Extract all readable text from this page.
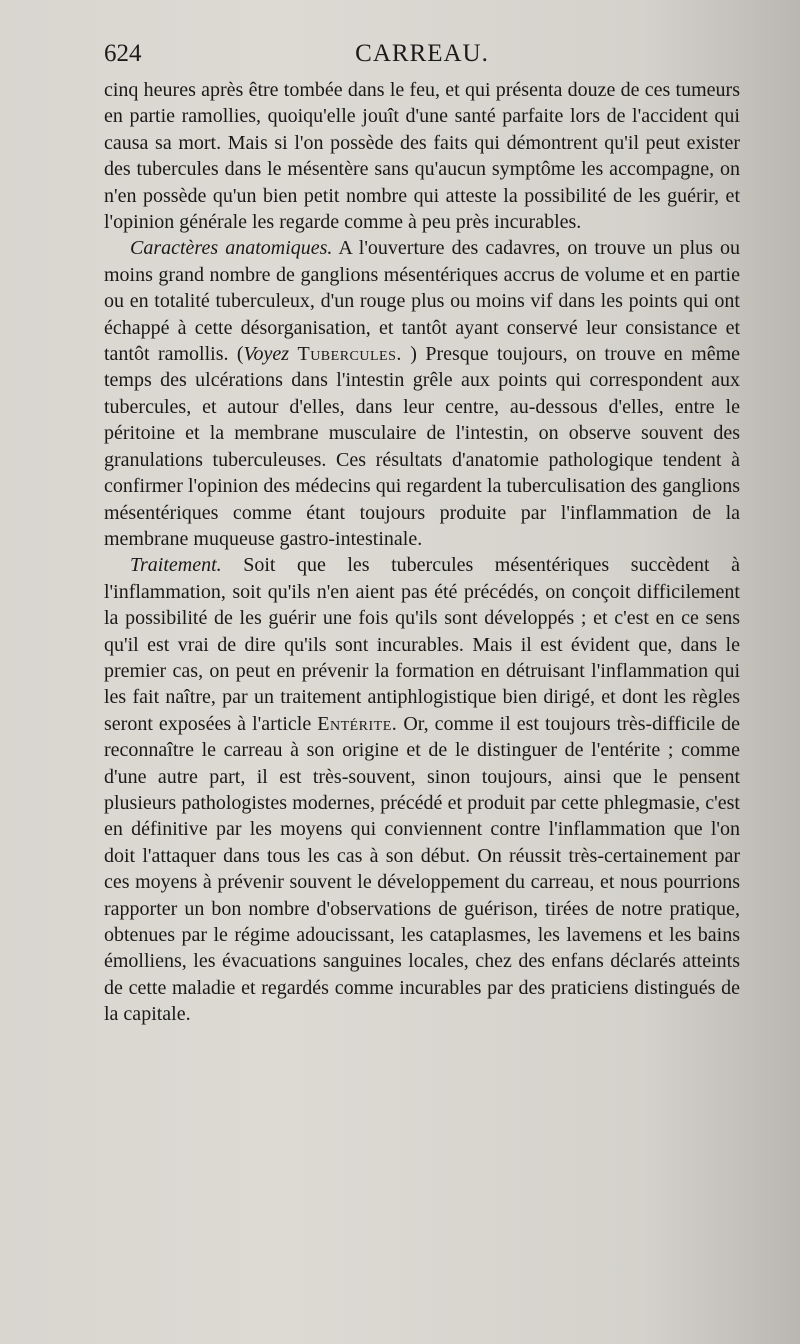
624	CARREAU.

cinq heures après être tombée dans le feu, et qui présenta douze de ces tumeurs en partie ramollies, quoiqu'elle jouît d'une santé parfaite lors de l'accident qui causa sa mort. Mais si l'on possède des faits qui démontrent qu'il peut exister des tubercules dans le mésentère sans qu'aucun symptôme les accompagne, on n'en possède qu'un bien petit nombre qui atteste la possibilité de les guérir, et l'opinion générale les regarde comme à peu près incurables.

Caractères anatomiques. A l'ouverture des cadavres, on trouve un plus ou moins grand nombre de ganglions mésentériques accrus de volume et en partie ou en totalité tuberculeux, d'un rouge plus ou moins vif dans les points qui ont échappé à cette désorganisation, et tantôt ayant conservé leur consistance et tantôt ramollis. (Voyez Tubercules. ) Presque toujours, on trouve en même temps des ulcérations dans l'intestin grêle aux points qui correspondent aux tubercules, et autour d'elles, dans leur centre, au-dessous d'elles, entre le péritoine et la membrane musculaire de l'intestin, on observe souvent des granulations tuberculeuses. Ces résultats d'anatomie pathologique tendent à confirmer l'opinion des médecins qui regardent la tuberculisation des ganglions mésentériques comme étant toujours produite par l'inflammation de la membrane muqueuse gastro-intestinale.

Traitement. Soit que les tubercules mésentériques succèdent à l'inflammation, soit qu'ils n'en aient pas été précédés, on conçoit difficilement la possibilité de les guérir une fois qu'ils sont développés ; et c'est en ce sens qu'il est vrai de dire qu'ils sont incurables. Mais il est évident que, dans le premier cas, on peut en prévenir la formation en détruisant l'inflammation qui les fait naître, par un traitement antiphlogistique bien dirigé, et dont les règles seront exposées à l'article Entérite. Or, comme il est toujours très-difficile de reconnaître le carreau à son origine et de le distinguer de l'entérite ; comme d'une autre part, il est très-souvent, sinon toujours, ainsi que le pensent plusieurs pathologistes modernes, précédé et produit par cette phlegmasie, c'est en définitive par les moyens qui conviennent contre l'inflammation que l'on doit l'attaquer dans tous les cas à son début. On réussit très-certainement par ces moyens à prévenir souvent le développement du carreau, et nous pourrions rapporter un bon nombre d'observations de guérison, tirées de notre pratique, obtenues par le régime adoucissant, les cataplasmes, les lavemens et les bains émolliens, les évacuations sanguines locales, chez des enfans déclarés atteints de cette maladie et regardés comme incurables par des praticiens distingués de la capitale.
